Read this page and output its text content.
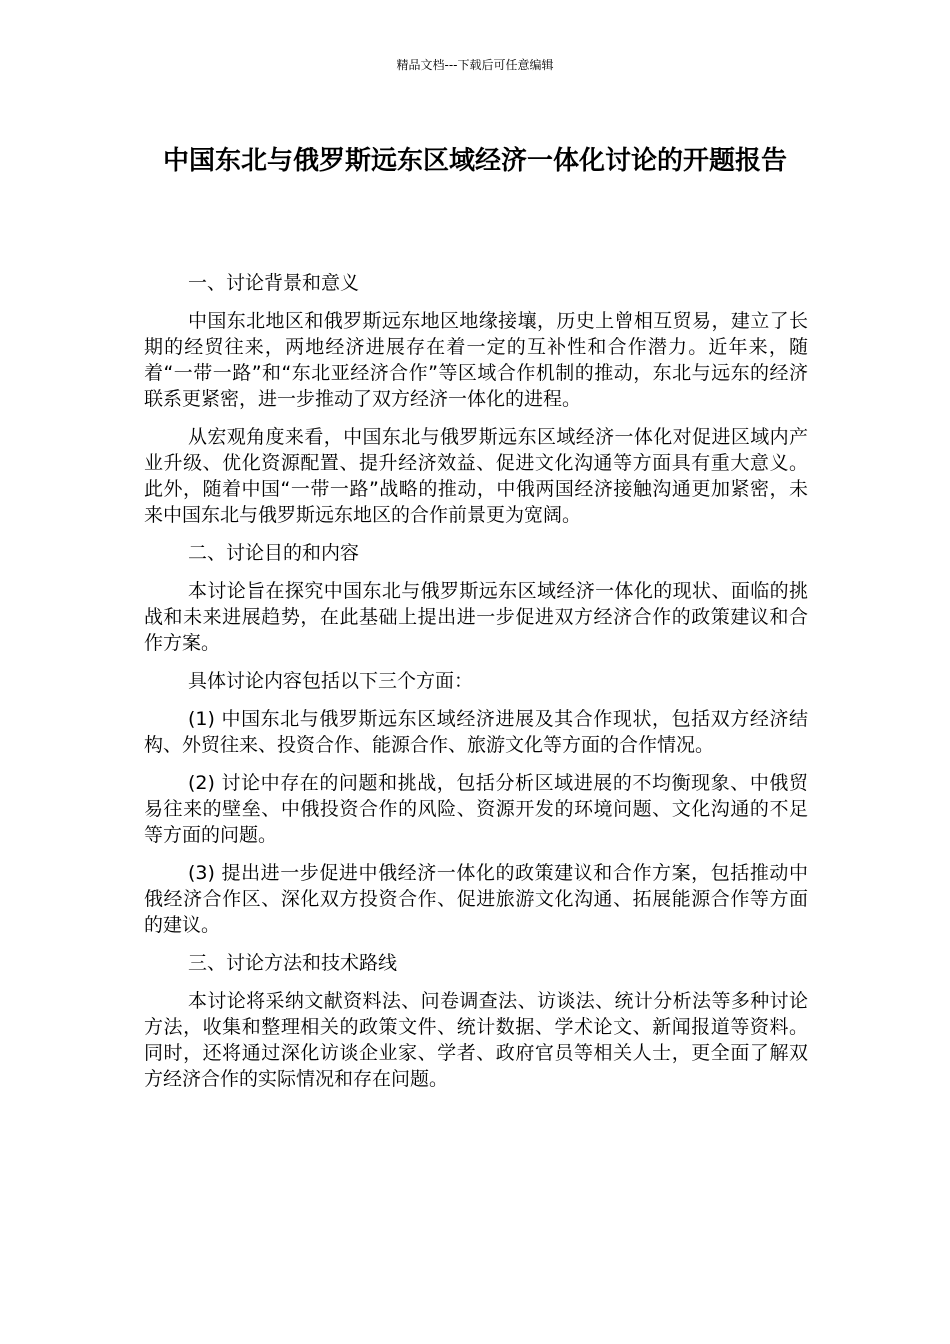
精品文档---下载后可任意编辑
中国东北与俄罗斯远东区域经济一体化讨论的开题报告

一、讨论背景和意义

中国东北地区和俄罗斯远东地区地缘接壤，历史上曾相互贸易，建立了长期的经贸往来，两地经济进展存在着一定的互补性和合作潜力。近年来，随着“一带一路”和“东北亚经济合作”等区域合作机制的推动，东北与远东的经济联系更紧密，进一步推动了双方经济一体化的进程。

从宏观角度来看，中国东北与俄罗斯远东区域经济一体化对促进区域内产业升级、优化资源配置、提升经济效益、促进文化沟通等方面具有重大意义。此外，随着中国“一带一路”战略的推动，中俄两国经济接触沟通更加紧密，未来中国东北与俄罗斯远东地区的合作前景更为宽阔。

二、讨论目的和内容

本讨论旨在探究中国东北与俄罗斯远东区域经济一体化的现状、面临的挑战和未来进展趋势，在此基础上提出进一步促进双方经济合作的政策建议和合作方案。

具体讨论内容包括以下三个方面：

(1) 中国东北与俄罗斯远东区域经济进展及其合作现状，包括双方经济结构、外贸往来、投资合作、能源合作、旅游文化等方面的合作情况。

(2) 讨论中存在的问题和挑战，包括分析区域进展的不均衡现象、中俄贸易往来的壁垒、中俄投资合作的风险、资源开发的环境问题、文化沟通的不足等方面的问题。

(3) 提出进一步促进中俄经济一体化的政策建议和合作方案，包括推动中俄经济合作区、深化双方投资合作、促进旅游文化沟通、拓展能源合作等方面的建议。

三、讨论方法和技术路线

本讨论将采纳文献资料法、问卷调查法、访谈法、统计分析法等多种讨论方法，收集和整理相关的政策文件、统计数据、学术论文、新闻报道等资料。同时，还将通过深化访谈企业家、学者、政府官员等相关人士，更全面了解双方经济合作的实际情况和存在问题。
